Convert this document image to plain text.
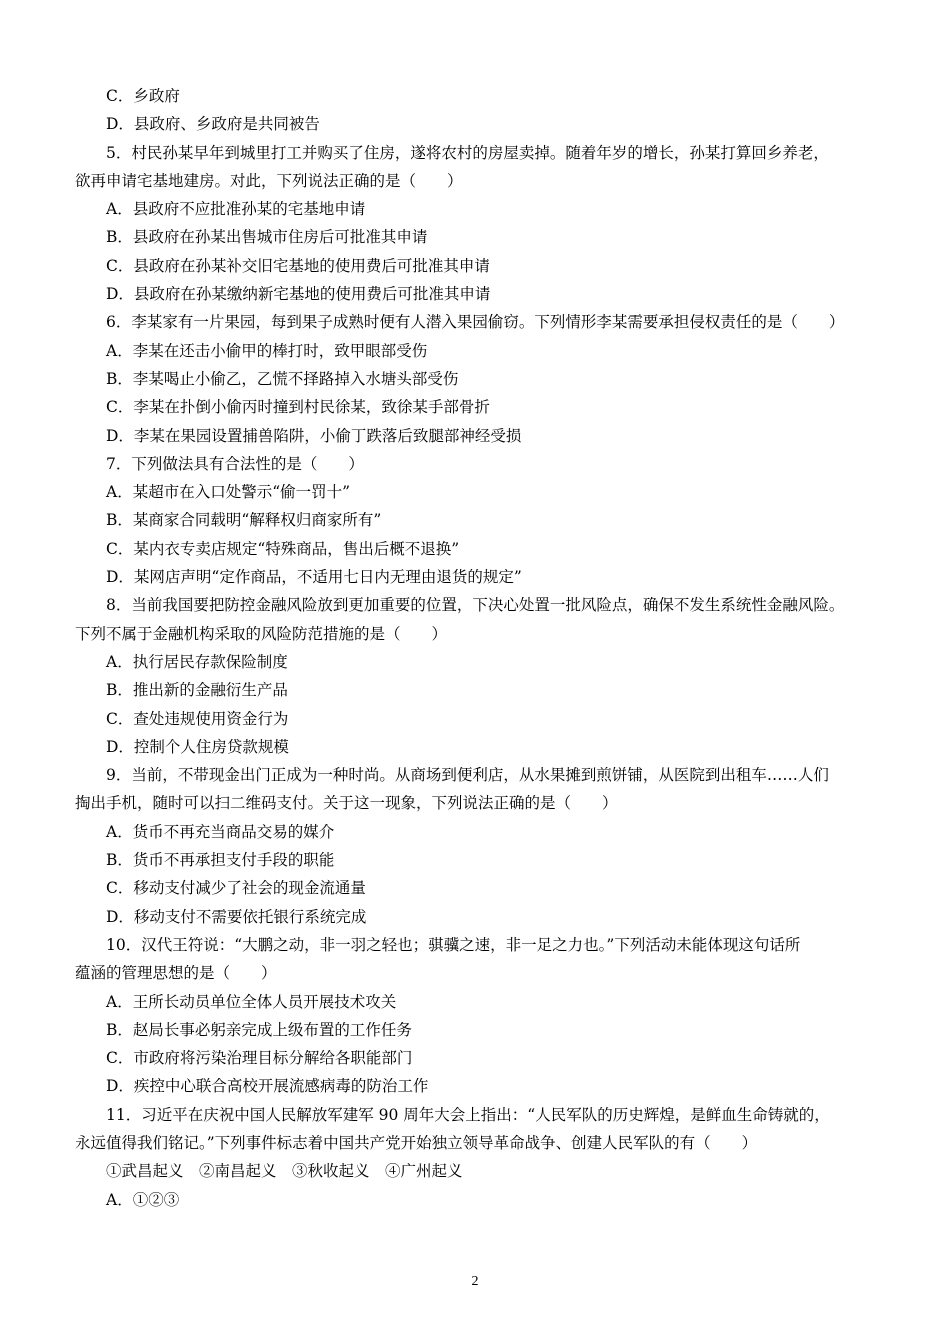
C．乡政府
D．县政府、乡政府是共同被告
5．村民孙某早年到城里打工并购买了住房，遂将农村的房屋卖掉。随着年岁的增长，孙某打算回乡养老，
欲再申请宅基地建房。对此，下列说法正确的是（　　）
A．县政府不应批准孙某的宅基地申请
B．县政府在孙某出售城市住房后可批准其申请
C．县政府在孙某补交旧宅基地的使用费后可批准其申请
D．县政府在孙某缴纳新宅基地的使用费后可批准其申请
6．李某家有一片果园，每到果子成熟时便有人潜入果园偷窃。下列情形李某需要承担侵权责任的是（　　）
A．李某在还击小偷甲的棒打时，致甲眼部受伤
B．李某喝止小偷乙，乙慌不择路掉入水塘头部受伤
C．李某在扑倒小偷丙时撞到村民徐某，致徐某手部骨折
D．李某在果园设置捕兽陷阱，小偷丁跌落后致腿部神经受损
7．下列做法具有合法性的是（　　）
A．某超市在入口处警示“偷一罚十”
B．某商家合同载明“解释权归商家所有”
C．某内衣专卖店规定“特殊商品，售出后概不退换”
D．某网店声明“定作商品，不适用七日内无理由退货的规定”
8．当前我国要把防控金融风险放到更加重要的位置，下决心处置一批风险点，确保不发生系统性金融风险。
下列不属于金融机构采取的风险防范措施的是（　　）
A．执行居民存款保险制度
B．推出新的金融衍生产品
C．查处违规使用资金行为
D．控制个人住房贷款规模
9．当前，不带现金出门正成为一种时尚。从商场到便利店，从水果摊到煎饼铺，从医院到出租车……人们
掏出手机，随时可以扫二维码支付。关于这一现象，下列说法正确的是（　　）
A．货币不再充当商品交易的媒介
B．货币不再承担支付手段的职能
C．移动支付减少了社会的现金流通量
D．移动支付不需要依托银行系统完成
10．汉代王符说：“大鹏之动，非一羽之轻也；骐骥之速，非一足之力也。”下列活动未能体现这句话所
蕴涵的管理思想的是（　　）
A．王所长动员单位全体人员开展技术攻关
B．赵局长事必躬亲完成上级布置的工作任务
C．市政府将污染治理目标分解给各职能部门
D．疾控中心联合高校开展流感病毒的防治工作
11．习近平在庆祝中国人民解放军建军 90 周年大会上指出：“人民军队的历史辉煌，是鲜血生命铸就的，
永远值得我们铭记。”下列事件标志着中国共产党开始独立领导革命战争、创建人民军队的有（　　）
①武昌起义　②南昌起义　③秋收起义　④广州起义
A．①②③
2
